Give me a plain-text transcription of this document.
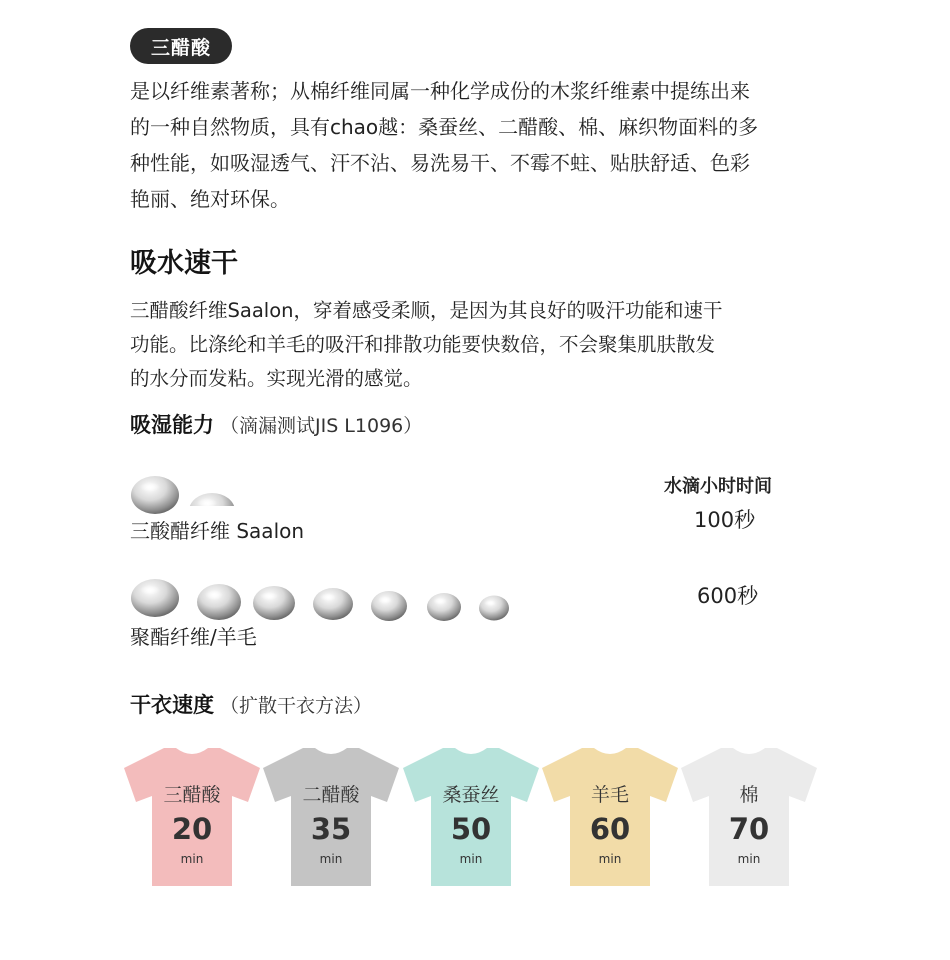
三醋酸
是以纤维素著称；从棉纤维同属一种化学成份的木浆纤维素中提练出来
的一种自然物质，具有chao越：桑蚕丝、二醋酸、棉、麻织物面料的多
种性能，如吸湿透气、汗不沾、易洗易干、不霉不蛀、贴肤舒适、色彩
艳丽、绝对环保。
吸水速干
三醋酸纤维Saalon，穿着感受柔顺，是因为其良好的吸汗功能和速干
功能。比涤纶和羊毛的吸汗和排散功能要快数倍，不会聚集肌肤散发
的水分而发粘。实现光滑的感觉。
吸湿能力 （滴漏测试JIS L1096）
水滴小时时间
三酸醋纤维 Saalon	100秒
聚酯纤维/羊毛
600秒
干衣速度 （扩散干衣方法）
三醋酸
20
min
二醋酸
35
min
桑蚕丝
50
min
羊毛
60
min
棉
70
min
